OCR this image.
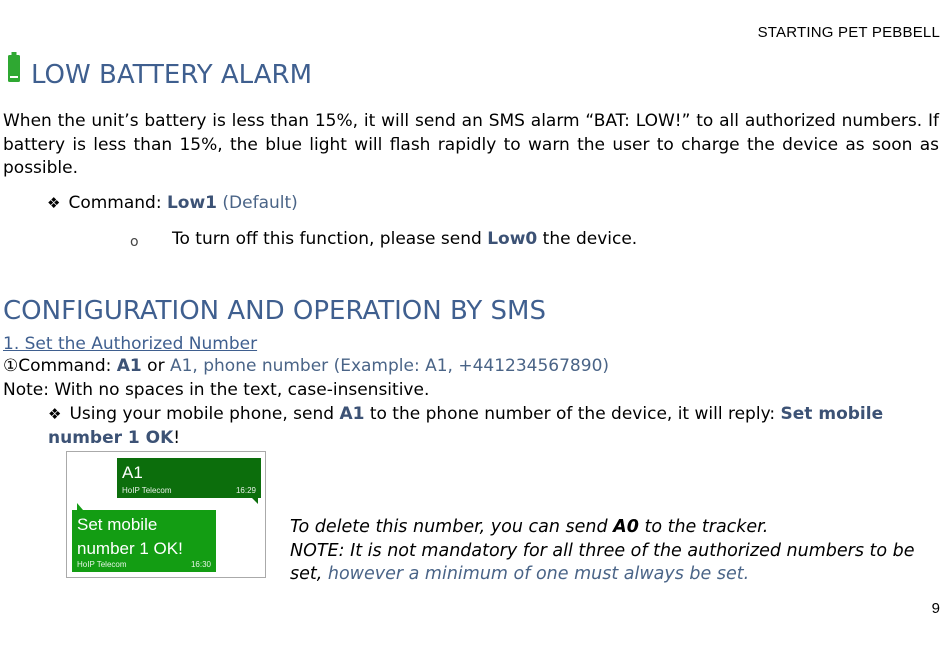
STARTING PET PEBBELL
LOW BATTERY ALARM

When the unit’s battery is less than 15%, it will send an SMS alarm “BAT: LOW!” to all authorized numbers. If battery is less than 15%, the blue light will flash rapidly to warn the user to charge the device as soon as possible.

❖ Command: Low1 (Default)
o To turn off this function, please send Low0 the device.
CONFIGURATION AND OPERATION BY SMS
1. Set the Authorized Number
①Command: A1 or A1, phone number (Example: A1, +441234567890)
Note: With no spaces in the text, case-insensitive.
❖ Using your mobile phone, send A1 to the phone number of the device, it will reply: Set mobile number 1 OK!
A1
HoIP Telecom	16:29
Set mobile
number 1 OK!
HoIP Telecom	16:30
To delete this number, you can send A0 to the tracker.
NOTE: It is not mandatory for all three of the authorized numbers to be set, however a minimum of one must always be set.
9
